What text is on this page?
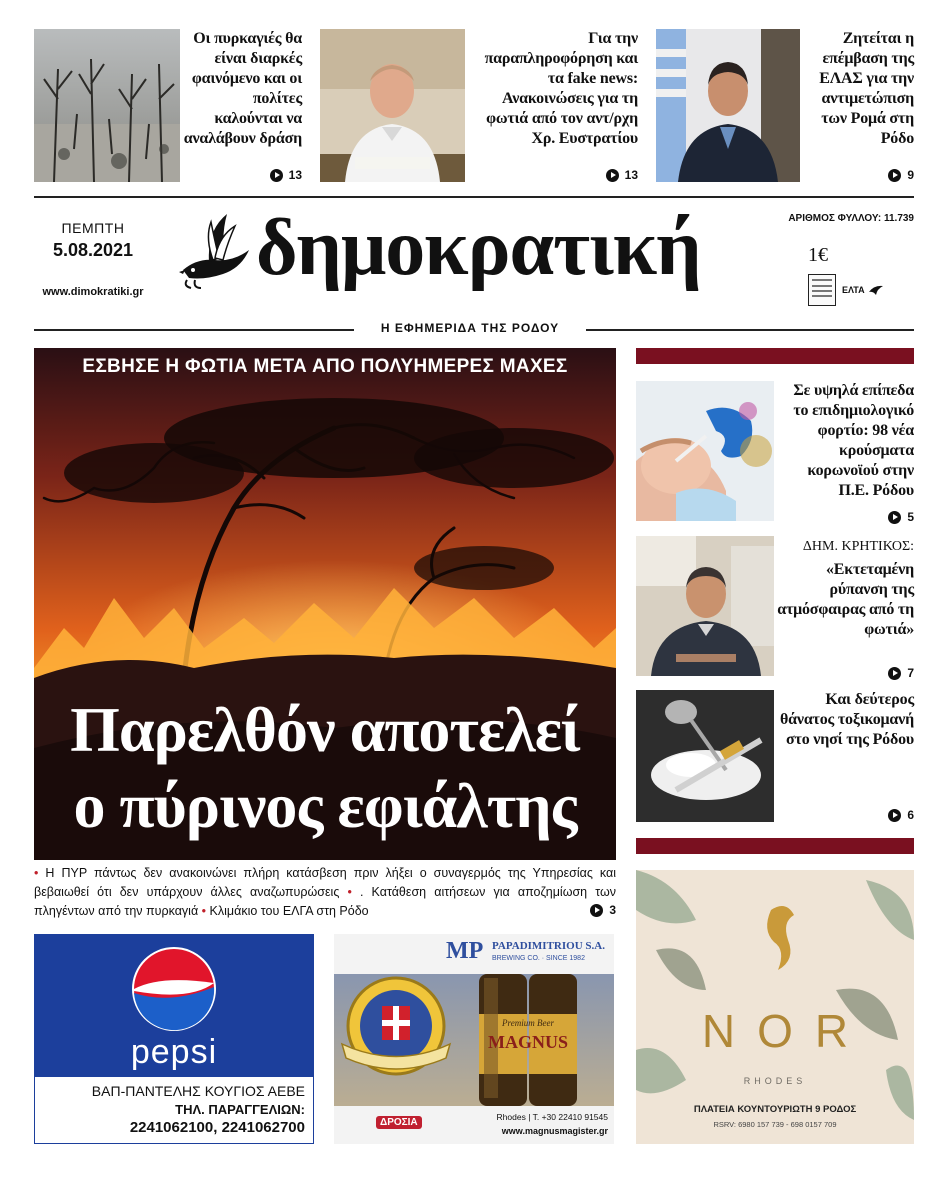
Οι πυρκαγιές θα είναι διαρκές φαινόμενο και οι πολίτες καλούνται να αναλάβουν δράση
13
Για την παραπληροφόρηση και τα fake news: Ανακοινώσεις για τη φωτιά από τον αντ/ρχη Χρ. Ευστρατίου
13
Ζητείται η επέμβαση της ΕΛΑΣ για την αντιμετώπιση των Ρομά στη Ρόδο
9
ΠΕΜΠΤΗ
5.08.2021
www.dimokratiki.gr δημοκρατική	ΑΡΙΘΜΟΣ ΦΥΛΛΟΥ: 11.739
1€
ΕΛΤΑ
Η ΕΦΗΜΕΡΙΔΑ ΤΗΣ ΡΟΔΟΥ
ΕΣΒΗΣΕ Η ΦΩΤΙΑ ΜΕΤΑ ΑΠΟ ΠΟΛΥΗΜΕΡΕΣ ΜΑΧΕΣ
Παρελθόν αποτελεί
ο πύρινος εφιάλτης
• Η ΠΥΡ πάντως δεν ανακοινώνει πλήρη κατάσβεση πριν λήξει ο συναγερμός της Υπηρεσίας και βεβαιωθεί ότι δεν υπάρχουν άλλες αναζωπυρώσεις • . Κατάθεση αιτήσεων για αποζημίωση των πληγέντων από την πυρκαγιά • Κλιμάκιο του ΕΛΓΑ στη Ρόδο	3
Σε υψηλά επίπεδα το επιδημιολογικό φορτίο: 98 νέα κρούσματα κορωνοϊού στην Π.Ε. Ρόδου
5
ΔΗΜ. ΚΡΗΤΙΚΟΣ:
«Εκτεταμένη ρύπανση της ατμόσφαιρας από τη φωτιά»
7
Και δεύτερος θάνατος τοξικομανή στο νησί της Ρόδου
6
pepsi
ΒΑΠ-ΠΑΝΤΕΛΗΣ ΚΟΥΓΙΟΣ ΑΕΒΕ
ΤΗΛ. ΠΑΡΑΓΓΕΛΙΩΝ:
2241062100, 2241062700
MP PAPADIMITRIOU S.A.
BREWING CO. · SINCE 1982
Premium Beer
MAGNUS
ΔΡΟΣΙΑ	Rhodes | T. +30 22410 91545
www.magnusmagister.gr
NOR
RHODES
ΠΛΑΤΕΙΑ ΚΟΥΝΤΟΥΡΙΩΤΗ 9 ΡΟΔΟΣ
RSRV: 6980 157 739 - 698 0157 709
